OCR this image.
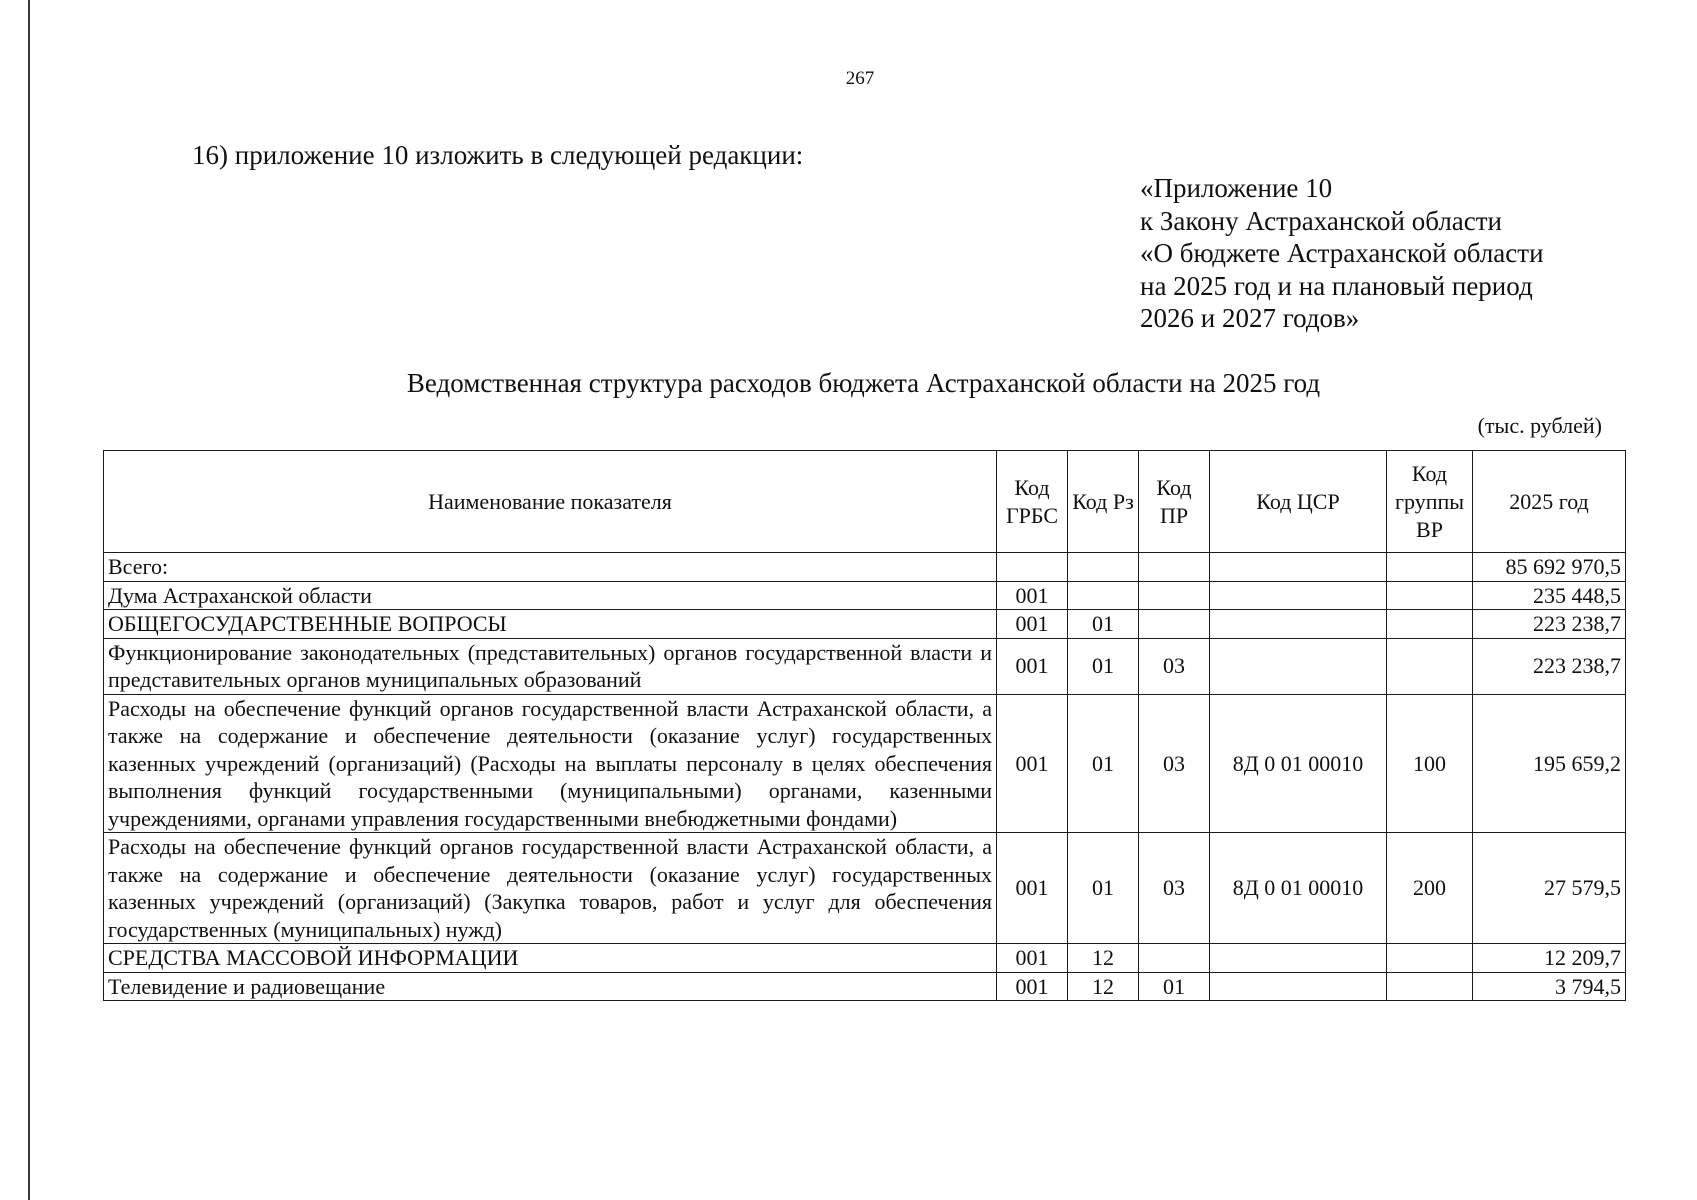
267
16) приложение 10 изложить в следующей редакции:
«Приложение 10
к Закону Астраханской области
«О бюджете Астраханской области
на 2025 год и на плановый период
2026 и 2027 годов»
Ведомственная структура расходов бюджета Астраханской области на 2025 год
(тыс. рублей)
Наименование показателя	Код ГРБС	Код Рз	Код ПР	Код ЦСР	Код группы ВР	2025 год
Всего:						85 692 970,5
Дума Астраханской области	001					235 448,5
ОБЩЕГОСУДАРСТВЕННЫЕ ВОПРОСЫ	001	01				223 238,7
Функционирование законодательных (представительных) органов государственной власти и представительных органов муниципальных образований	001	01	03			223 238,7
Расходы на обеспечение функций органов государственной власти Астраханской области, а также на содержание и обеспечение деятельности (оказание услуг) государственных казенных учреждений (организаций) (Расходы на выплаты персоналу в целях обеспечения выполнения функций государственными (муниципальными) органами, казенными учреждениями, органами управления государственными внебюджетными фондами)	001	01	03	8Д 0 01 00010	100	195 659,2
Расходы на обеспечение функций органов государственной власти Астраханской области, а также на содержание и обеспечение деятельности (оказание услуг) государственных казенных учреждений (организаций) (Закупка товаров, работ и услуг для обеспечения государственных (муниципальных) нужд)	001	01	03	8Д 0 01 00010	200	27 579,5
СРЕДСТВА МАССОВОЙ ИНФОРМАЦИИ	001	12				12 209,7
Телевидение и радиовещание	001	12	01			3 794,5
